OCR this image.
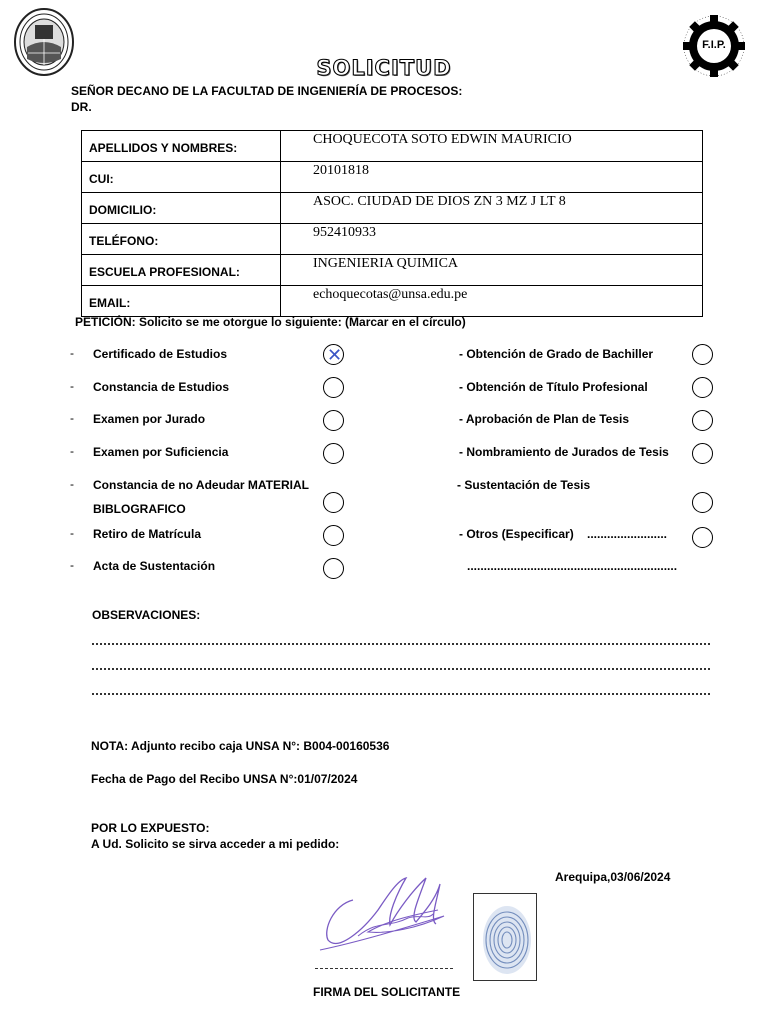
F.I.P.
SOLICITUD
SEÑOR DECANO DE LA FACULTAD DE INGENIERÍA DE PROCESOS:
DR.
APELLIDOS Y NOMBRES:	CHOQUECOTA SOTO EDWIN MAURICIO
CUI:	20101818
DOMICILIO:	ASOC. CIUDAD DE DIOS ZN 3 MZ J LT 8
TELÉFONO:	952410933
ESCUELA PROFESIONAL:	INGENIERIA QUIMICA
EMAIL:	echoquecotas@unsa.edu.pe
PETICIÓN: Solicito se me otorgue lo siguiente: (Marcar en el círculo)
- Certificado de Estudios	✕
- Constancia de Estudios
- Examen por Jurado
- Examen por Suficiencia
- Constancia de no Adeudar MATERIAL
BIBLOGRAFICO
- Retiro de Matrícula
- Acta de Sustentación
- Obtención de Grado de Bachiller
- Obtención de Título Profesional
- Aprobación de Plan de Tesis
- Nombramiento de Jurados de Tesis
- Sustentación de Tesis
- Otros (Especificar) ........................
...............................................................
OBSERVACIONES:
NOTA: Adjunto recibo caja UNSA N°: B004-00160536
Fecha de Pago del Recibo UNSA N°:01/07/2024
POR LO EXPUESTO:
A Ud. Solicito se sirva acceder a mi pedido:
Arequipa,03/06/2024
FIRMA DEL SOLICITANTE
